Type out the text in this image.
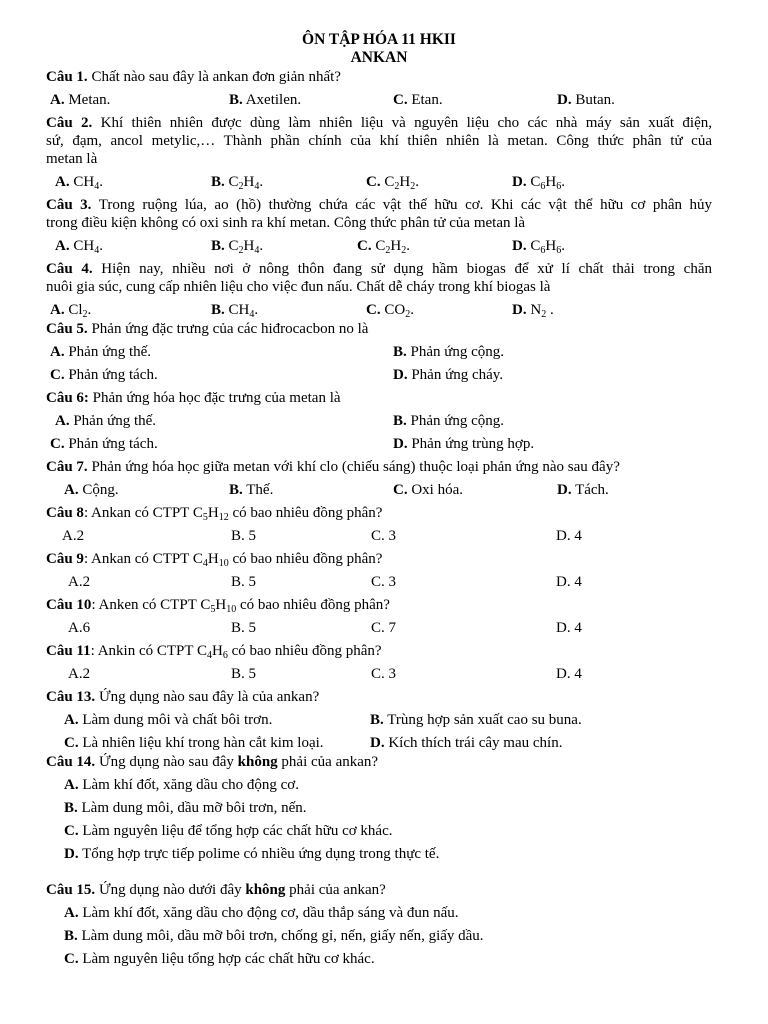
ÔN TẬP HÓA 11 HKII
ANKAN
Câu 1. Chất nào sau đây là ankan đơn giản nhất?
A. Metan.	B. Axetilen.	C. Etan.	D. Butan.
Câu 2. Khí thiên nhiên được dùng làm nhiên liệu và nguyên liệu cho các nhà máy sản xuất điện,
sứ, đạm, ancol metylic,… Thành phần chính của khí thiên nhiên là metan. Công thức phân tử của
metan là
A. $CH_4$.	B. $C_2H_4$.	C. $C_2H_2$.	D. $C_6H_6$.
Câu 3. Trong ruộng lúa, ao (hồ) thường chứa các vật thể hữu cơ. Khi các vật thể hữu cơ phân hủy
trong điều kiện không có oxi sinh ra khí metan. Công thức phân tử của metan là
A. $CH_4$.	B. $C_2H_4$.	C. $C_2H_2$.	D. $C_6H_6$.
Câu 4. Hiện nay, nhiều nơi ở nông thôn đang sử dụng hầm biogas để xử lí chất thải trong chăn
nuôi gia súc, cung cấp nhiên liệu cho việc đun nấu. Chất dễ cháy trong khí biogas là
A. $Cl_2$.	B. $CH_4$.	C. $CO_2$.	D. $N_2$ .
Câu 5. Phản ứng đặc trưng của các hiđrocacbon no là
A. Phản ứng thế.	B. Phản ứng cộng.
C. Phản ứng tách.	D. Phản ứng cháy.
Câu 6: Phản ứng hóa học đặc trưng của metan là
A. Phản ứng thế.	B. Phản ứng cộng.
C. Phản ứng tách.	D. Phản ứng trùng hợp.
Câu 7. Phản ứng hóa học giữa metan với khí clo (chiếu sáng) thuộc loại phản ứng nào sau đây?
A. Cộng.	B. Thế.	C. Oxi hóa.	D. Tách.
Câu 8: Ankan có CTPT $C_5H_{12}$ có bao nhiêu đồng phân?
A.2	B. 5	C. 3	D. 4
Câu 9: Ankan có CTPT $C_4H_{10}$ có bao nhiêu đồng phân?
A.2	B. 5	C. 3	D. 4
Câu 10: Anken có CTPT $C_5H_{10}$ có bao nhiêu đồng phân?
A.6	B. 5	C. 7	D. 4
Câu 11: Ankin có CTPT $C_4H_6$ có bao nhiêu đồng phân?
A.2	B. 5	C. 3	D. 4
Câu 13. Ứng dụng nào sau đây là của ankan?
A. Làm dung môi và chất bôi trơn.	B. Trùng hợp sản xuất cao su buna.
C. Là nhiên liệu khí trong hàn cắt kim loại.	D. Kích thích trái cây mau chín.
Câu 14. Ứng dụng nào sau đây không phải của ankan?
A. Làm khí đốt, xăng dầu cho động cơ.
B. Làm dung môi, dầu mỡ bôi trơn, nến.
C. Làm nguyên liệu để tổng hợp các chất hữu cơ khác.
D. Tổng hợp trực tiếp polime có nhiều ứng dụng trong thực tế.
Câu 15. Ứng dụng nào dưới đây không phải của ankan?
A. Làm khí đốt, xăng dầu cho động cơ, dầu thắp sáng và đun nấu.
B. Làm dung môi, dầu mỡ bôi trơn, chống gỉ, nến, giấy nến, giấy dầu.
C. Làm nguyên liệu tổng hợp các chất hữu cơ khác.
